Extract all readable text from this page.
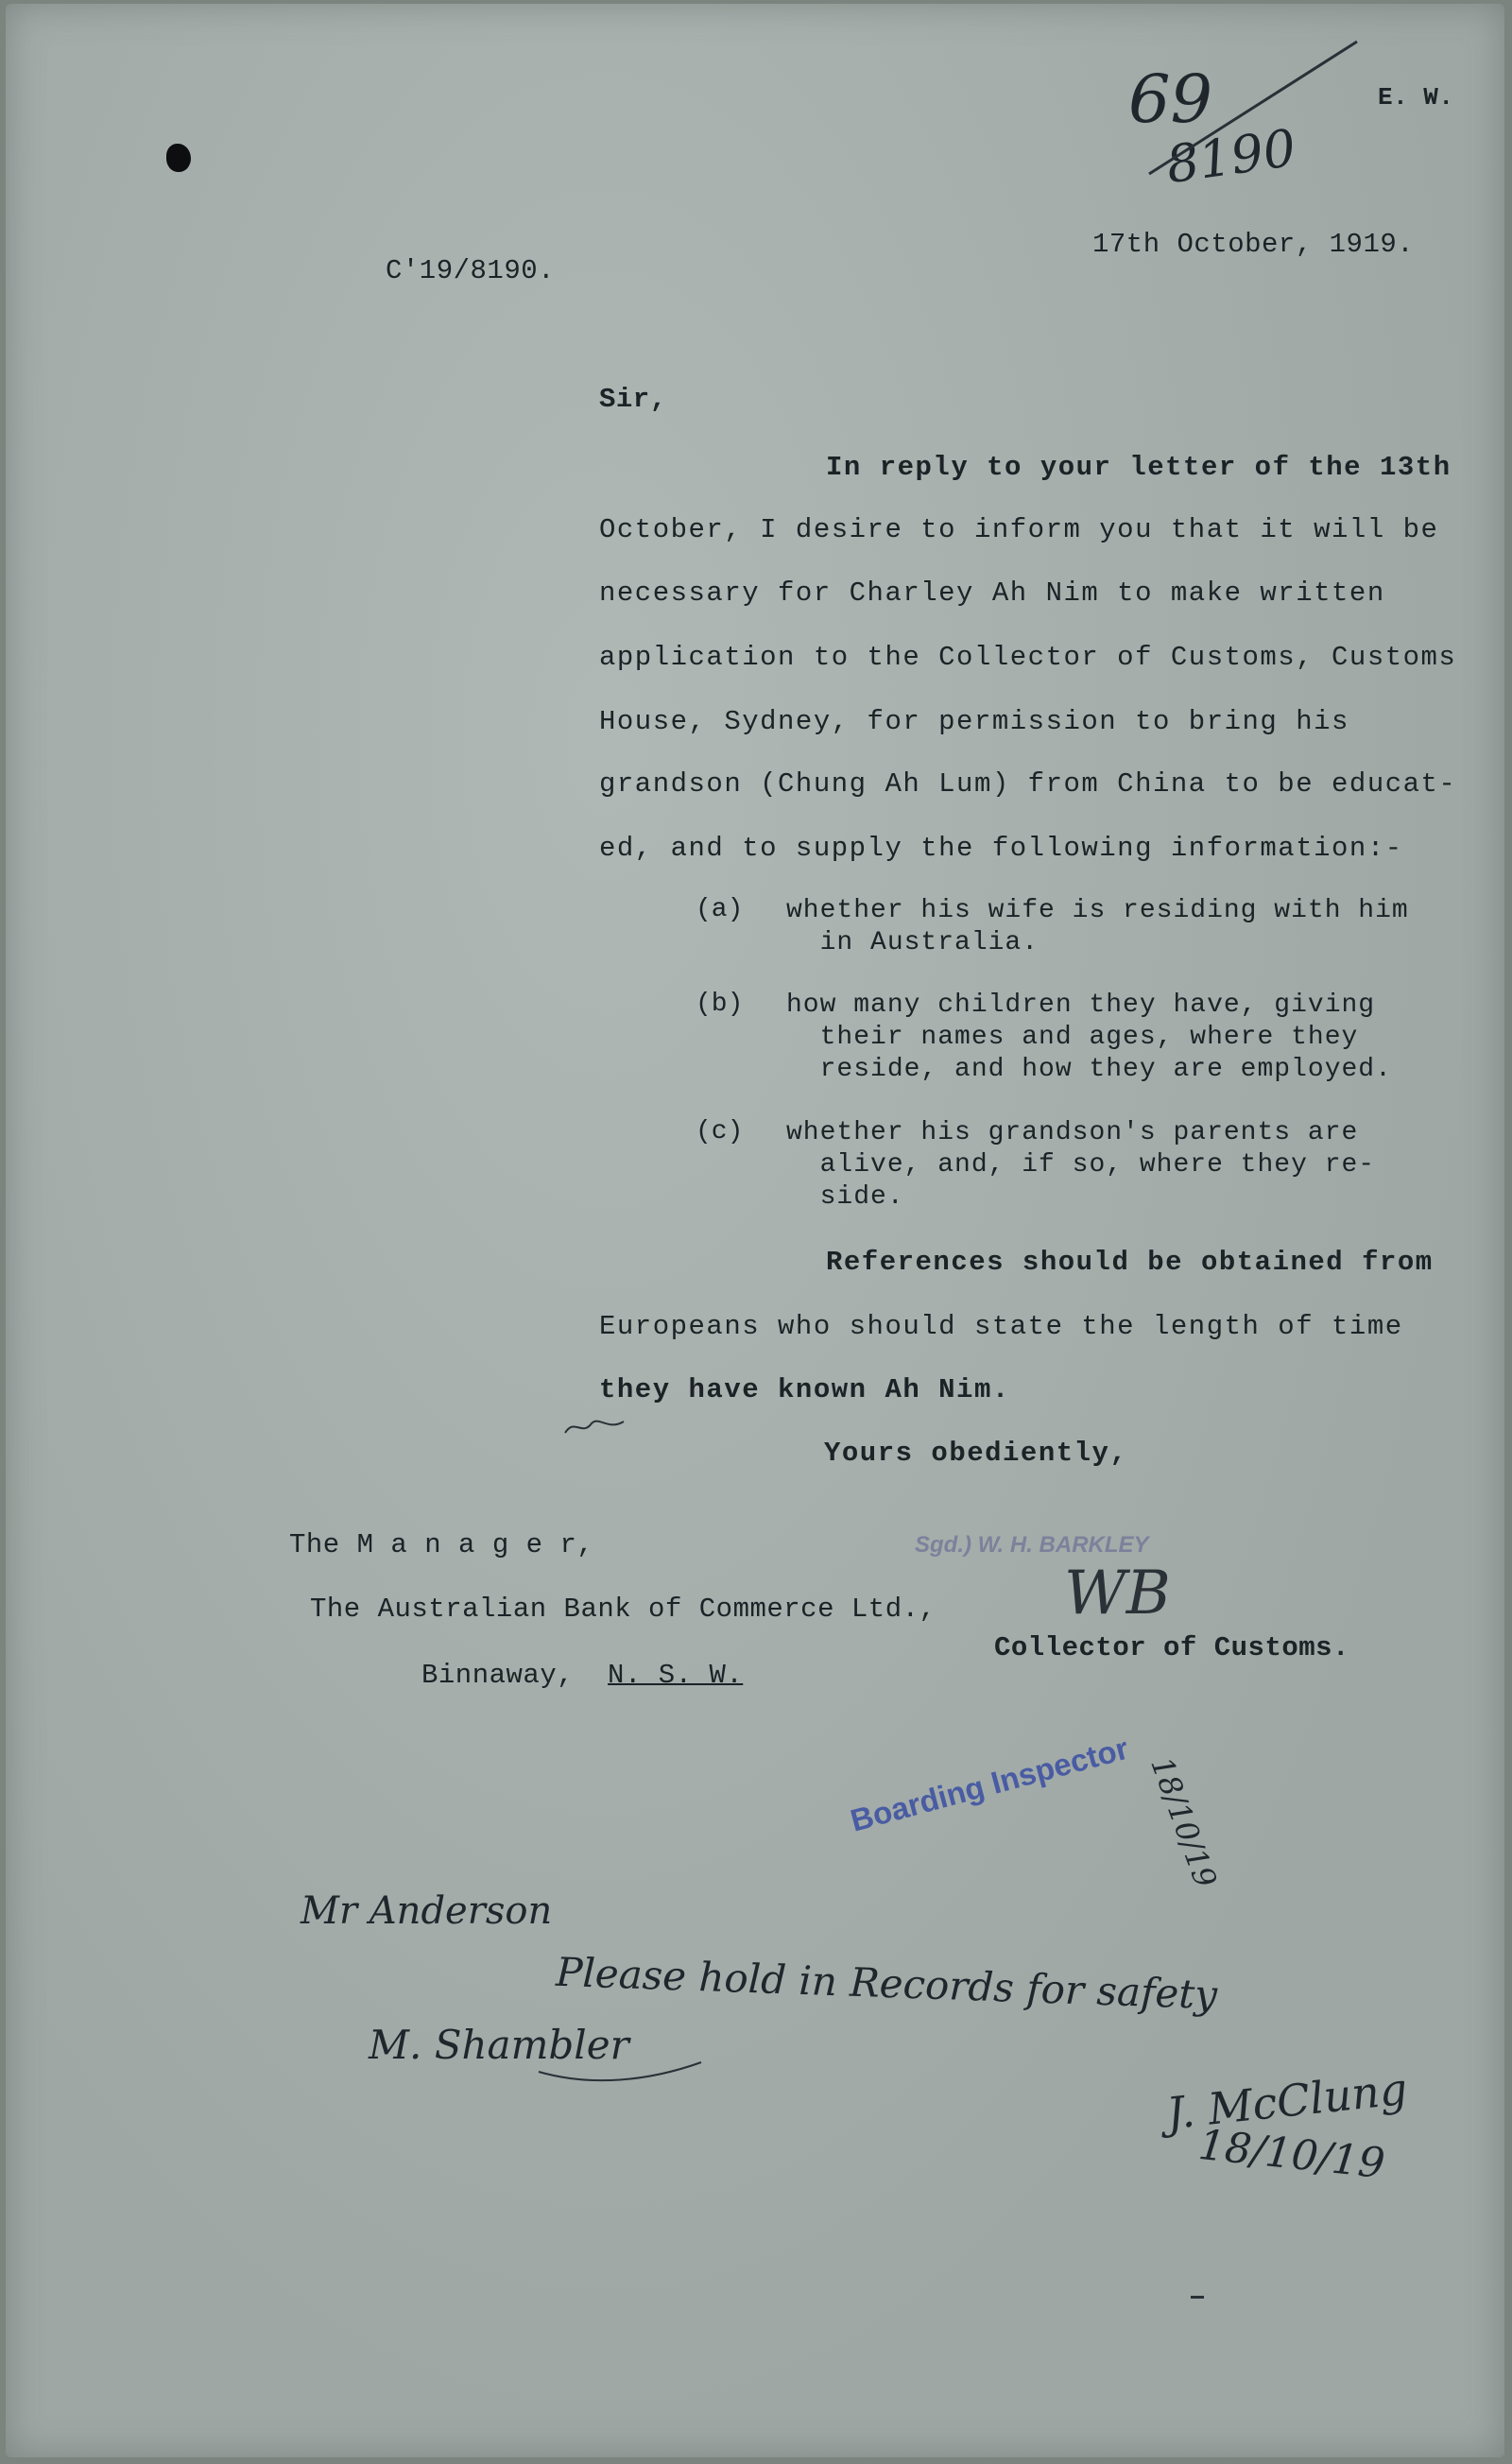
69
8190
E. W.
C'19/8190.
17th October, 1919.
Sir,
In reply to your letter of the 13th
October, I desire to inform you that it will be
necessary for Charley Ah Nim to make written
application to the Collector of Customs, Customs
House, Sydney, for permission to bring his
grandson (Chung Ah Lum) from China to be educat-
ed, and to supply the following information:-
(a) whether his wife is residing with him
in Australia.
(b) how many children they have, giving
their names and ages, where they
reside, and how they are employed.
(c) whether his grandson's parents are
alive, and, if so, where they re-
side.
References should be obtained from
Europeans who should state the length of time
they have known Ah Nim.
Yours obediently,
The M a n a g e r,
The Australian Bank of Commerce Ltd.,
Binnaway, N. S. W.
Sgd.) W. H. BARKLEY
WB
Collector of Customs.
Boarding Inspector 18/10/19
Mr Anderson
Please hold in Records for safety
M. Shambler
J. McClung
18/10/19
